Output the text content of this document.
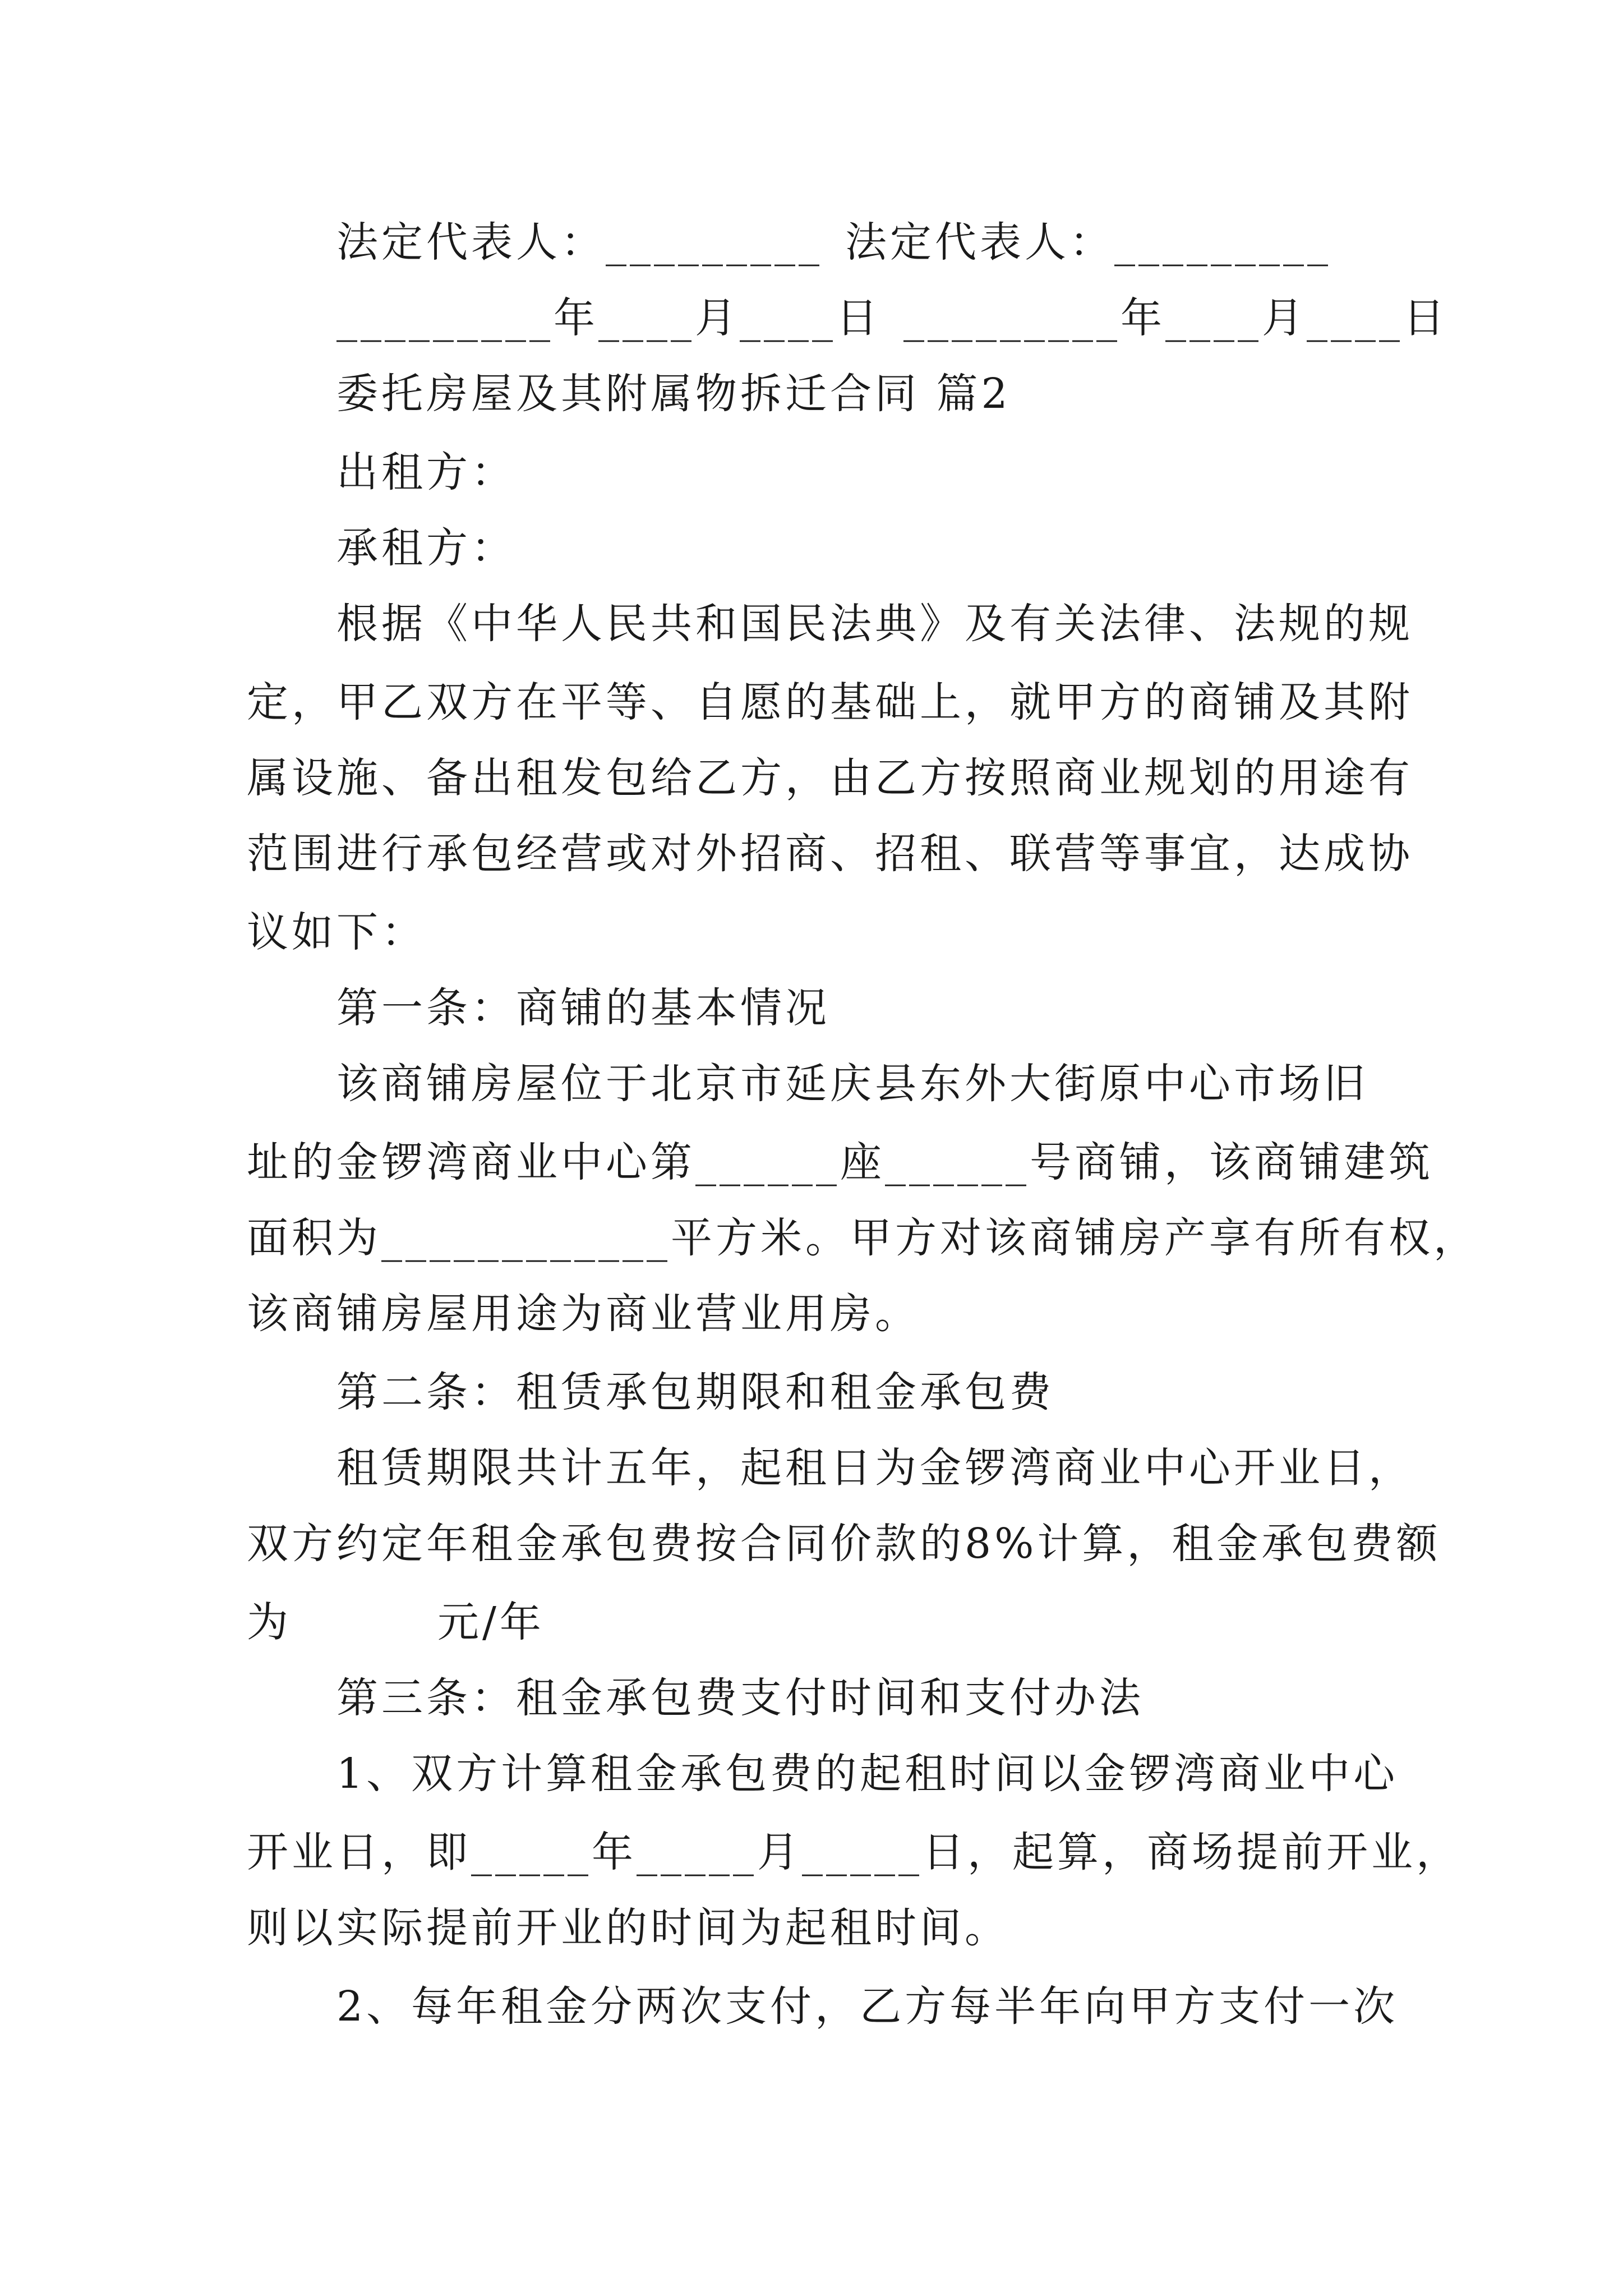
法定代表人：_________ 法定代表人：_________
_________年____月____日 _________年____月____日
委托房屋及其附属物拆迁合同 篇2
出租方：
承租方：
根据《中华人民共和国民法典》及有关法律、法规的规
定，甲乙双方在平等、自愿的基础上，就甲方的商铺及其附
属设施、备出租发包给乙方，由乙方按照商业规划的用途有
范围进行承包经营或对外招商、招租、联营等事宜，达成协
议如下：
第一条：商铺的基本情况
该商铺房屋位于北京市延庆县东外大街原中心市场旧
址的金锣湾商业中心第______座______号商铺，该商铺建筑
面积为____________平方米。甲方对该商铺房产享有所有权，
该商铺房屋用途为商业营业用房。
第二条：租赁承包期限和租金承包费
租赁期限共计五年，起租日为金锣湾商业中心开业日，
双方约定年租金承包费按合同价款的8%计算，租金承包费额
为	元/年
第三条：租金承包费支付时间和支付办法
1、双方计算租金承包费的起租时间以金锣湾商业中心
开业日，即_____年_____月_____日，起算，商场提前开业，
则以实际提前开业的时间为起租时间。
2、每年租金分两次支付，乙方每半年向甲方支付一次
